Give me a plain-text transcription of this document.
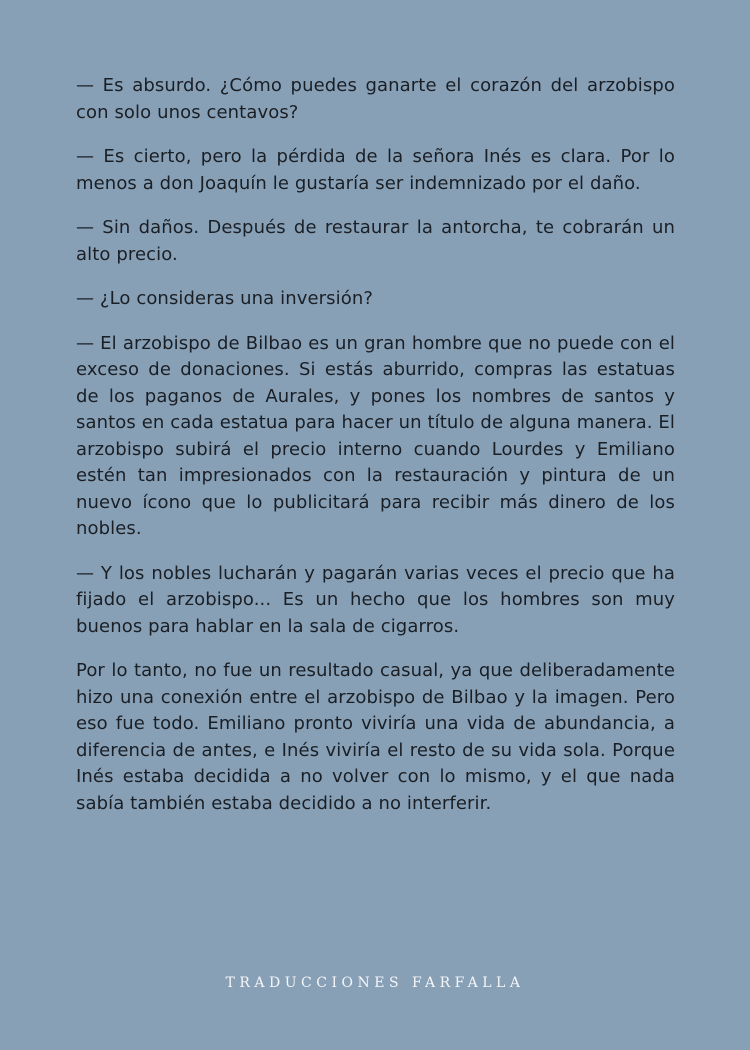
— Es absurdo. ¿Cómo puedes ganarte el corazón del arzobispo con solo unos centavos?

— Es cierto, pero la pérdida de la señora Inés es clara. Por lo menos a don Joaquín le gustaría ser indemnizado por el daño.

— Sin daños. Después de restaurar la antorcha, te cobrarán un alto precio.

— ¿Lo consideras una inversión?

— El arzobispo de Bilbao es un gran hombre que no puede con el exceso de donaciones. Si estás aburrido, compras las estatuas de los paganos de Aurales, y pones los nombres de santos y santos en cada estatua para hacer un título de alguna manera. El arzobispo subirá el precio interno cuando Lourdes y Emiliano estén tan impresionados con la restauración y pintura de un nuevo ícono que lo publicitará para recibir más dinero de los nobles.

— Y los nobles lucharán y pagarán varias veces el precio que ha fijado el arzobispo... Es un hecho que los hombres son muy buenos para hablar en la sala de cigarros.

Por lo tanto, no fue un resultado casual, ya que deliberadamente hizo una conexión entre el arzobispo de Bilbao y la imagen. Pero eso fue todo. Emiliano pronto viviría una vida de abundancia, a diferencia de antes, e Inés viviría el resto de su vida sola. Porque Inés estaba decidida a no volver con lo mismo, y el que nada sabía también estaba decidido a no interferir.

TRADUCCIONES FARFALLA
